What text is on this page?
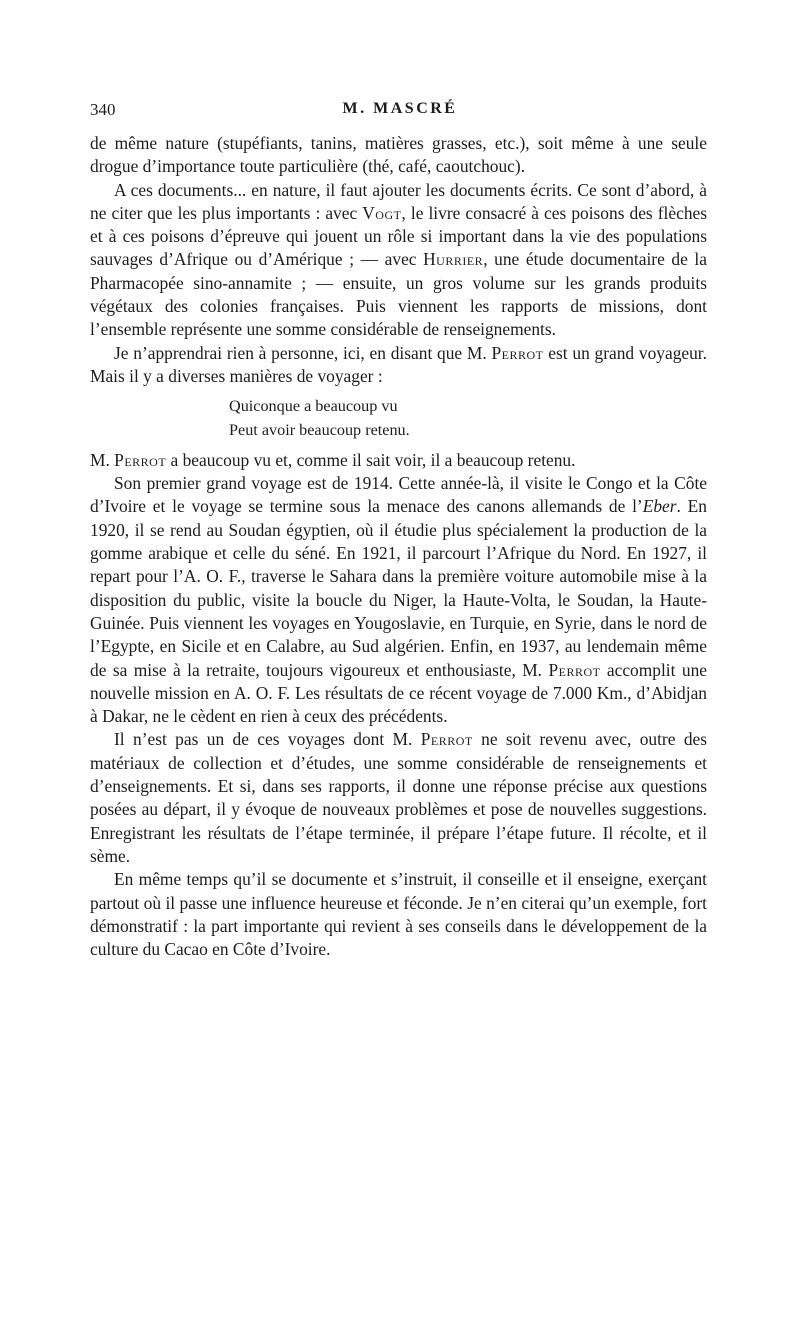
340	M. MASCRÉ

de même nature (stupéfiants, tanins, matières grasses, etc.), soit même à une seule drogue d’importance toute particulière (thé, café, caoutchouc).

A ces documents... en nature, il faut ajouter les documents écrits. Ce sont d’abord, à ne citer que les plus importants : avec Vogt, le livre consacré à ces poisons des flèches et à ces poisons d’épreuve qui jouent un rôle si important dans la vie des populations sauvages d’Afrique ou d’Amérique ; — avec Hurrier, une étude documentaire de la Pharmacopée sino-annamite ; — ensuite, un gros volume sur les grands produits végétaux des colonies françaises. Puis viennent les rapports de missions, dont l’ensemble représente une somme considérable de renseignements.

Je n’apprendrai rien à personne, ici, en disant que M. Perrot est un grand voyageur. Mais il y a diverses manières de voyager :

Quiconque a beaucoup vu
Peut avoir beaucoup retenu.

M. Perrot a beaucoup vu et, comme il sait voir, il a beaucoup retenu.

Son premier grand voyage est de 1914. Cette année-là, il visite le Congo et la Côte d’Ivoire et le voyage se termine sous la menace des canons allemands de l’Eber. En 1920, il se rend au Soudan égyptien, où il étudie plus spécialement la production de la gomme arabique et celle du séné. En 1921, il parcourt l’Afrique du Nord. En 1927, il repart pour l’A. O. F., traverse le Sahara dans la première voiture automobile mise à la disposition du public, visite la boucle du Niger, la Haute-Volta, le Soudan, la Haute-Guinée. Puis viennent les voyages en Yougoslavie, en Turquie, en Syrie, dans le nord de l’Egypte, en Sicile et en Calabre, au Sud algérien. Enfin, en 1937, au lendemain même de sa mise à la retraite, toujours vigoureux et enthousiaste, M. Perrot accomplit une nouvelle mission en A. O. F. Les résultats de ce récent voyage de 7.000 Km., d’Abidjan à Dakar, ne le cèdent en rien à ceux des précédents.

Il n’est pas un de ces voyages dont M. Perrot ne soit revenu avec, outre des matériaux de collection et d’études, une somme considérable de renseignements et d’enseignements. Et si, dans ses rapports, il donne une réponse précise aux questions posées au départ, il y évoque de nouveaux problèmes et pose de nouvelles suggestions. Enregistrant les résultats de l’étape terminée, il prépare l’étape future. Il récolte, et il sème.

En même temps qu’il se documente et s’instruit, il conseille et il enseigne, exerçant partout où il passe une influence heureuse et féconde. Je n’en citerai qu’un exemple, fort démonstratif : la part importante qui revient à ses conseils dans le développement de la culture du Cacao en Côte d’Ivoire.
